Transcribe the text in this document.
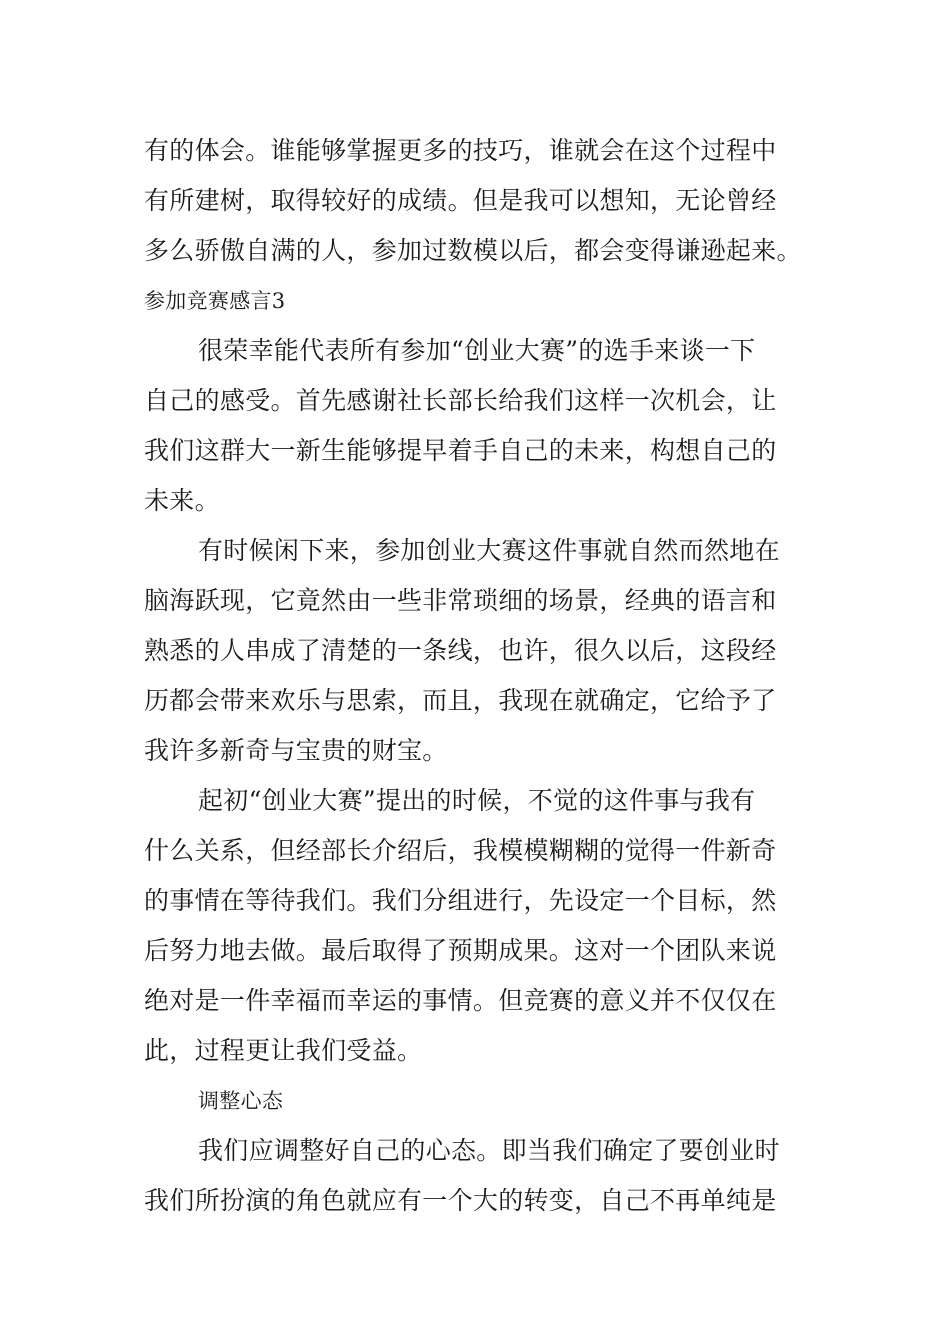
有的体会。谁能够掌握更多的技巧，谁就会在这个过程中
有所建树，取得较好的成绩。但是我可以想知，无论曾经
多么骄傲自满的人，参加过数模以后，都会变得谦逊起来。
参加竞赛感言3
很荣幸能代表所有参加“创业大赛”的选手来谈一下
自己的感受。首先感谢社长部长给我们这样一次机会，让
我们这群大一新生能够提早着手自己的未来，构想自己的
未来。
有时候闲下来，参加创业大赛这件事就自然而然地在
脑海跃现，它竟然由一些非常琐细的场景，经典的语言和
熟悉的人串成了清楚的一条线，也许，很久以后，这段经
历都会带来欢乐与思索，而且，我现在就确定，它给予了
我许多新奇与宝贵的财宝。
起初“创业大赛”提出的时候，不觉的这件事与我有
什么关系，但经部长介绍后，我模模糊糊的觉得一件新奇
的事情在等待我们。我们分组进行，先设定一个目标，然
后努力地去做。最后取得了预期成果。这对一个团队来说
绝对是一件幸福而幸运的事情。但竞赛的意义并不仅仅在
此，过程更让我们受益。
调整心态
我们应调整好自己的心态。即当我们确定了要创业时
我们所扮演的角色就应有一个大的转变，自己不再单纯是
